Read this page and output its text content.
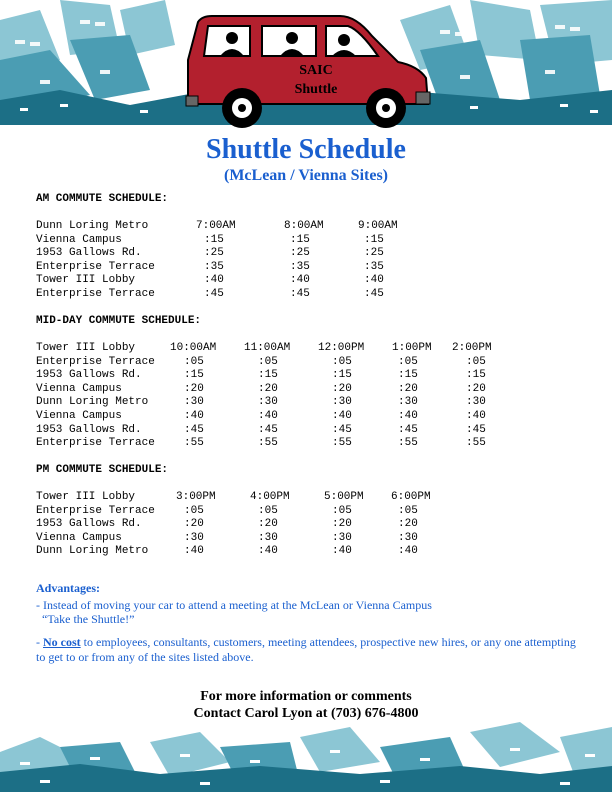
SAIC
Shuttle
Shuttle Schedule
(McLean / Vienna Sites)
AM COMMUTE SCHEDULE:
Dunn Loring Metro	7:00AM	8:00AM	9:00AM
Vienna Campus	:15	:15	:15
1953 Gallows Rd.	:25	:25	:25
Enterprise Terrace	:35	:35	:35
Tower III Lobby	:40	:40	:40
Enterprise Terrace	:45	:45	:45
MID-DAY COMMUTE SCHEDULE:
Tower III Lobby	10:00AM	11:00AM	12:00PM	1:00PM 2:00PM
Enterprise Terrace	:05	:05	:05	:05	:05
1953 Gallows Rd.	:15	:15	:15	:15	:15
Vienna Campus	:20	:20	:20	:20	:20
Dunn Loring Metro	:30	:30	:30	:30	:30
Vienna Campus	:40	:40	:40	:40	:40
1953 Gallows Rd.	:45	:45	:45	:45	:45
Enterprise Terrace	:55	:55	:55	:55	:55
PM COMMUTE SCHEDULE:
Tower III Lobby	3:00PM	4:00PM	5:00PM 6:00PM
Enterprise Terrace	:05	:05	:05	:05
1953 Gallows Rd.	:20	:20	:20	:20
Vienna Campus	:30	:30	:30	:30
Dunn Loring Metro	:40	:40	:40	:40
Advantages:
- Instead of moving your car to attend a meeting at the McLean or Vienna Campus
“Take the Shuttle!”
- No cost to employees, consultants, customers, meeting attendees, prospective new hires, or any one attempting
to get to or from any of the sites listed above.
For more information or comments
Contact Carol Lyon at (703) 676-4800
